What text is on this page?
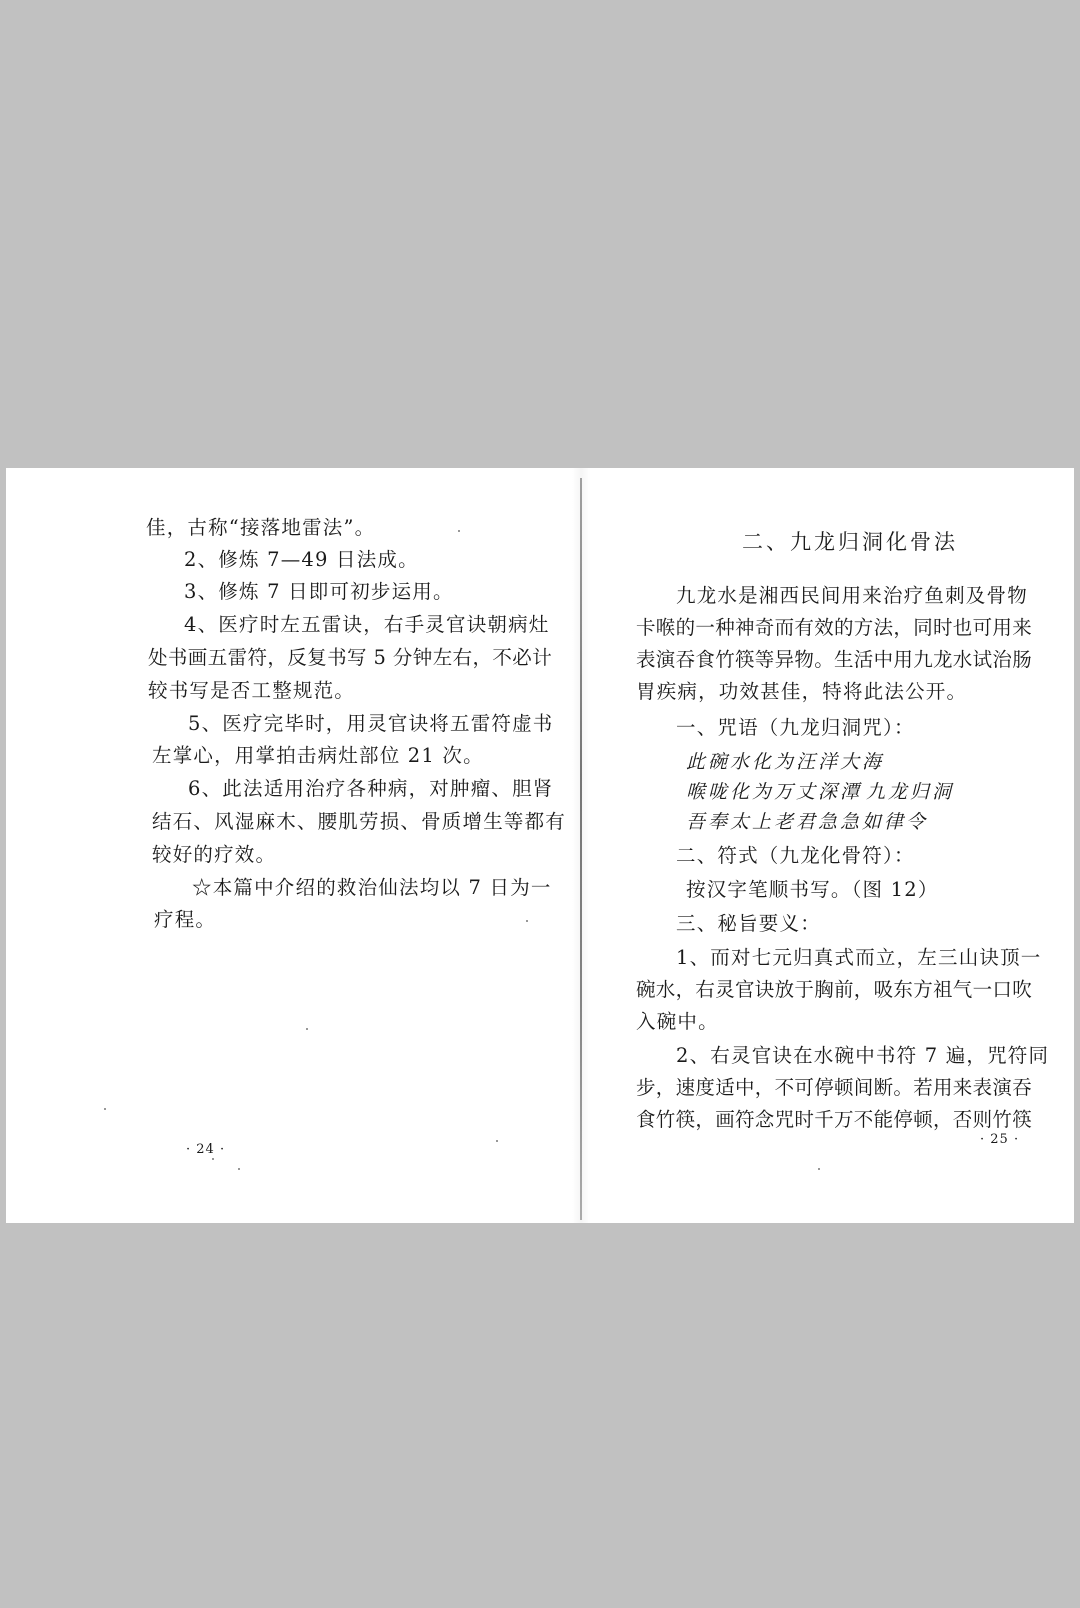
佳，古称“接落地雷法”。
2、修炼 7—49 日法成。
3、修炼 7 日即可初步运用。
4、医疗时左五雷诀，右手灵官诀朝病灶
处书画五雷符，反复书写 5 分钟左右，不必计
较书写是否工整规范。
5、医疗完毕时，用灵官诀将五雷符虚书
左掌心，用掌拍击病灶部位 21 次。
6、此法适用治疗各种病，对肿瘤、胆肾
结石、风湿麻木、腰肌劳损、骨质增生等都有
较好的疗效。
☆本篇中介绍的救治仙法均以 7 日为一
疗程。
· 24 ·
二、九龙归洞化骨法
九龙水是湘西民间用来治疗鱼刺及骨物
卡喉的一种神奇而有效的方法，同时也可用来
表演吞食竹筷等异物。生活中用九龙水试治肠
胃疾病，功效甚佳，特将此法公开。
一、咒语（九龙归洞咒）：
此碗水化为汪洋大海
喉咙化为万丈深潭 九龙归洞
吾奉太上老君急急如律令
二、符式（九龙化骨符）：
按汉字笔顺书写。（图 12）
三、秘旨要义：
1、而对七元归真式而立，左三山诀顶一
碗水，右灵官诀放于胸前，吸东方祖气一口吹
入碗中。
2、右灵官诀在水碗中书符 7 遍，咒符同
步，速度适中，不可停顿间断。若用来表演吞
食竹筷，画符念咒时千万不能停顿，否则竹筷
· 25 ·
